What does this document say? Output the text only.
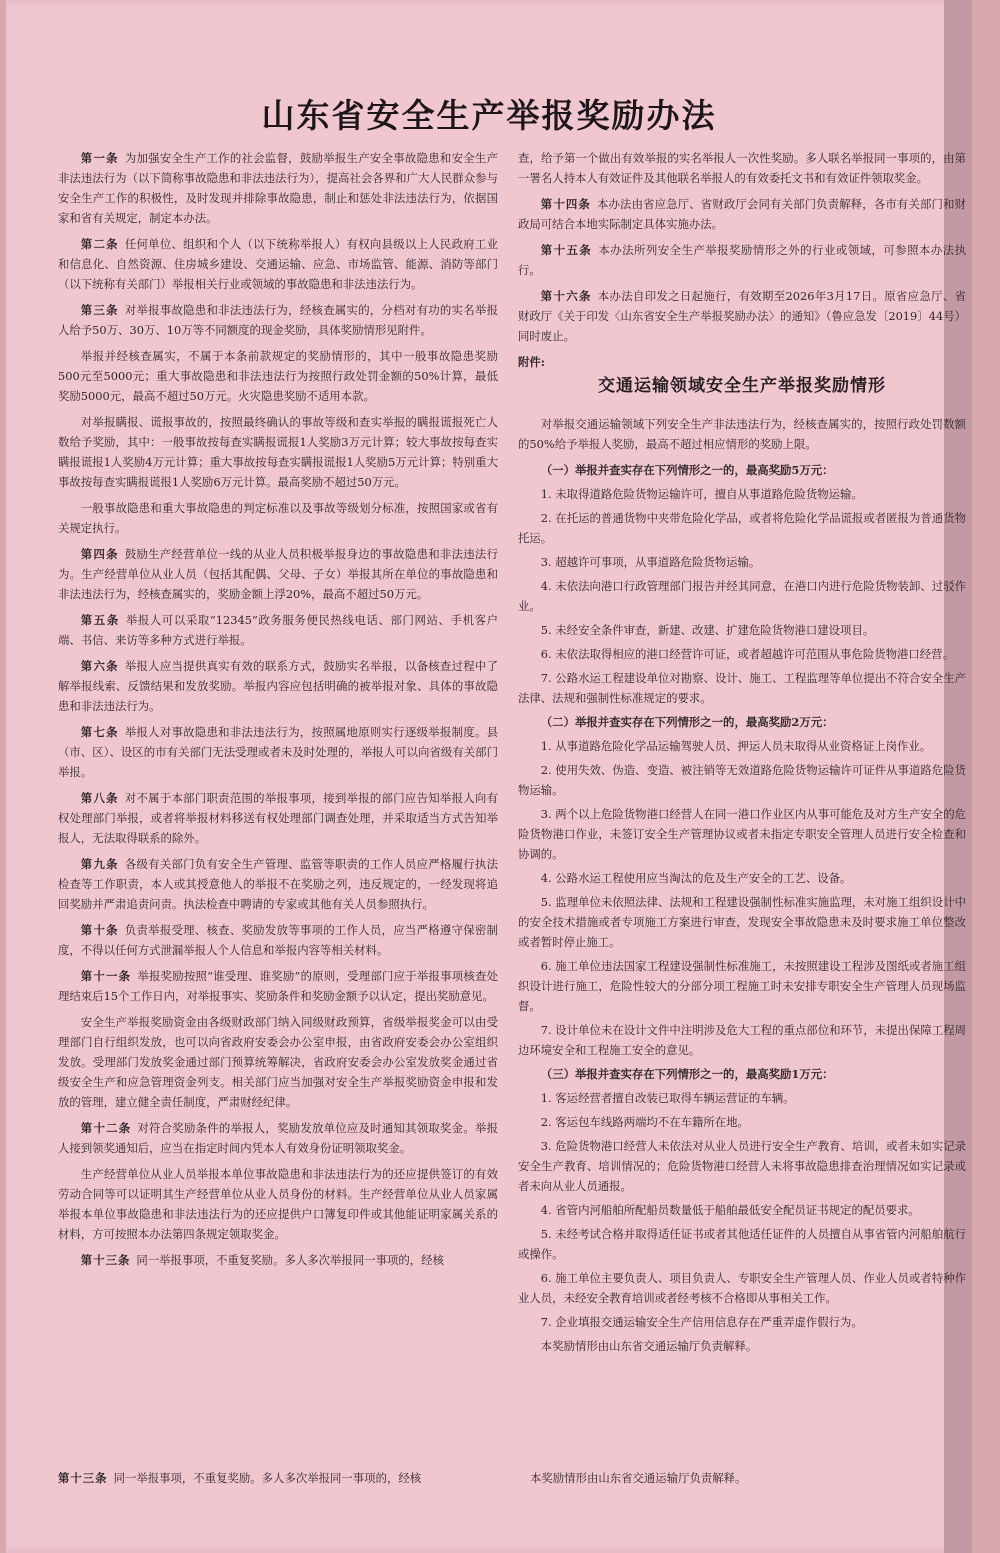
山东省安全生产举报奖励办法

第一条 为加强安全生产工作的社会监督，鼓励举报生产安全事故隐患和安全生产非法违法行为（以下简称事故隐患和非法违法行为），提高社会各界和广大人民群众参与安全生产工作的积极性，及时发现并排除事故隐患，制止和惩处非法违法行为，依据国家和省有关规定，制定本办法。

第二条 任何单位、组织和个人（以下统称举报人）有权向县级以上人民政府工业和信息化、自然资源、住房城乡建设、交通运输、应急、市场监管、能源、消防等部门（以下统称有关部门）举报相关行业或领域的事故隐患和非法违法行为。

第三条 对举报事故隐患和非法违法行为，经核查属实的，分档对有功的实名举报人给予50万、30万、10万等不同额度的现金奖励，具体奖励情形见附件。

举报并经核查属实，不属于本条前款规定的奖励情形的，其中一般事故隐患奖励500元至5000元；重大事故隐患和非法违法行为按照行政处罚金额的50%计算，最低奖励5000元，最高不超过50万元。火灾隐患奖励不适用本款。

对举报瞒报、谎报事故的，按照最终确认的事故等级和查实举报的瞒报谎报死亡人数给予奖励，其中：一般事故按每查实瞒报谎报1人奖励3万元计算；较大事故按每查实瞒报谎报1人奖励4万元计算；重大事故按每查实瞒报谎报1人奖励5万元计算；特别重大事故按每查实瞒报谎报1人奖励6万元计算。最高奖励不超过50万元。

一般事故隐患和重大事故隐患的判定标准以及事故等级划分标准，按照国家或省有关规定执行。

第四条 鼓励生产经营单位一线的从业人员积极举报身边的事故隐患和非法违法行为。生产经营单位从业人员（包括其配偶、父母、子女）举报其所在单位的事故隐患和非法违法行为，经核查属实的，奖励金额上浮20%，最高不超过50万元。

第五条 举报人可以采取“12345”政务服务便民热线电话、部门网站、手机客户端、书信、来访等多种方式进行举报。

第六条 举报人应当提供真实有效的联系方式，鼓励实名举报，以备核查过程中了解举报线索、反馈结果和发放奖励。举报内容应包括明确的被举报对象、具体的事故隐患和非法违法行为。

第七条 举报人对事故隐患和非法违法行为，按照属地原则实行逐级举报制度。县（市、区）、设区的市有关部门无法受理或者未及时处理的，举报人可以向省级有关部门举报。

第八条 对不属于本部门职责范围的举报事项，接到举报的部门应告知举报人向有权处理部门举报，或者将举报材料移送有权处理部门调查处理，并采取适当方式告知举报人，无法取得联系的除外。

第九条 各级有关部门负有安全生产管理、监管等职责的工作人员应严格履行执法检查等工作职责，本人或其授意他人的举报不在奖励之列，违反规定的，一经发现将追回奖励并严肃追责问责。执法检查中聘请的专家或其他有关人员参照执行。

第十条 负责举报受理、核查、奖励发放等事项的工作人员，应当严格遵守保密制度，不得以任何方式泄漏举报人个人信息和举报内容等相关材料。

第十一条 举报奖励按照“谁受理、谁奖励”的原则，受理部门应于举报事项核查处理结束后15个工作日内，对举报事实、奖励条件和奖励金额予以认定，提出奖励意见。

安全生产举报奖励资金由各级财政部门纳入同级财政预算，省级举报奖金可以由受理部门自行组织发放，也可以向省政府安委会办公室申报，由省政府安委会办公室组织发放。受理部门发放奖金通过部门预算统筹解决，省政府安委会办公室发放奖金通过省级安全生产和应急管理资金列支。相关部门应当加强对安全生产举报奖励资金申报和发放的管理，建立健全责任制度，严肃财经纪律。

第十二条 对符合奖励条件的举报人，奖励发放单位应及时通知其领取奖金。举报人接到领奖通知后，应当在指定时间内凭本人有效身份证明领取奖金。

生产经营单位从业人员举报本单位事故隐患和非法违法行为的还应提供签订的有效劳动合同等可以证明其生产经营单位从业人员身份的材料。生产经营单位从业人员家属举报本单位事故隐患和非法违法行为的还应提供户口簿复印件或其他能证明家属关系的材料，方可按照本办法第四条规定领取奖金。

第十三条 同一举报事项，不重复奖励。多人多次举报同一事项的，经核

查，给予第一个做出有效举报的实名举报人一次性奖励。多人联名举报同一事项的，由第一署名人持本人有效证件及其他联名举报人的有效委托文书和有效证件领取奖金。

第十四条 本办法由省应急厅、省财政厅会同有关部门负责解释，各市有关部门和财政局可结合本地实际制定具体实施办法。

第十五条 本办法所列安全生产举报奖励情形之外的行业或领域，可参照本办法执行。

第十六条 本办法自印发之日起施行，有效期至2026年3月17日。原省应急厅、省财政厅《关于印发〈山东省安全生产举报奖励办法〉的通知》（鲁应急发〔2019〕44号）同时废止。

附件:
交通运输领域安全生产举报奖励情形

对举报交通运输领域下列安全生产非法违法行为，经核查属实的，按照行政处罚数额的50%给予举报人奖励，最高不超过相应情形的奖励上限。

（一）举报并查实存在下列情形之一的，最高奖励5万元：
1. 未取得道路危险货物运输许可，擅自从事道路危险货物运输。
2. 在托运的普通货物中夹带危险化学品，或者将危险化学品谎报或者匿报为普通货物托运。
3. 超越许可事项，从事道路危险货物运输。
4. 未依法向港口行政管理部门报告并经其同意，在港口内进行危险货物装卸、过驳作业。
5. 未经安全条件审查，新建、改建、扩建危险货物港口建设项目。
6. 未依法取得相应的港口经营许可证，或者超越许可范围从事危险货物港口经营。
7. 公路水运工程建设单位对勘察、设计、施工、工程监理等单位提出不符合安全生产法律、法规和强制性标准规定的要求。
（二）举报并查实存在下列情形之一的，最高奖励2万元：
1. 从事道路危险化学品运输驾驶人员、押运人员未取得从业资格证上岗作业。
2. 使用失效、伪造、变造、被注销等无效道路危险货物运输许可证件从事道路危险货物运输。
3. 两个以上危险货物港口经营人在同一港口作业区内从事可能危及对方生产安全的危险货物港口作业，未签订安全生产管理协议或者未指定专职安全管理人员进行安全检查和协调的。
4. 公路水运工程使用应当淘汰的危及生产安全的工艺、设备。
5. 监理单位未依照法律、法规和工程建设强制性标准实施监理，未对施工组织设计中的安全技术措施或者专项施工方案进行审查，发现安全事故隐患未及时要求施工单位整改或者暂时停止施工。
6. 施工单位违法国家工程建设强制性标准施工，未按照建设工程涉及图纸或者施工组织设计进行施工，危险性较大的分部分项工程施工时未安排专职安全生产管理人员现场监督。
7. 设计单位未在设计文件中注明涉及危大工程的重点部位和环节，未提出保障工程周边环境安全和工程施工安全的意见。
（三）举报并查实存在下列情形之一的，最高奖励1万元：
1. 客运经营者擅自改装已取得车辆运营证的车辆。
2. 客运包车线路两端均不在车籍所在地。
3. 危险货物港口经营人未依法对从业人员进行安全生产教育、培训，或者未如实记录安全生产教育、培训情况的；危险货物港口经营人未将事故隐患排查治理情况如实记录或者未向从业人员通报。
4. 省管内河船舶所配船员数量低于船舶最低安全配员证书规定的配员要求。
5. 未经考试合格并取得适任证书或者其他适任证件的人员擅自从事省管内河船舶航行或操作。
6. 施工单位主要负责人、项目负责人、专职安全生产管理人员、作业人员或者特种作业人员，未经安全教育培训或者经考核不合格即从事相关工作。
7. 企业填报交通运输安全生产信用信息存在严重弄虚作假行为。
本奖励情形由山东省交通运输厅负责解释。
第十三条 同一举报事项，不重复奖励。多人多次举报同一事项的，经核	本奖励情形由山东省交通运输厅负责解释。
